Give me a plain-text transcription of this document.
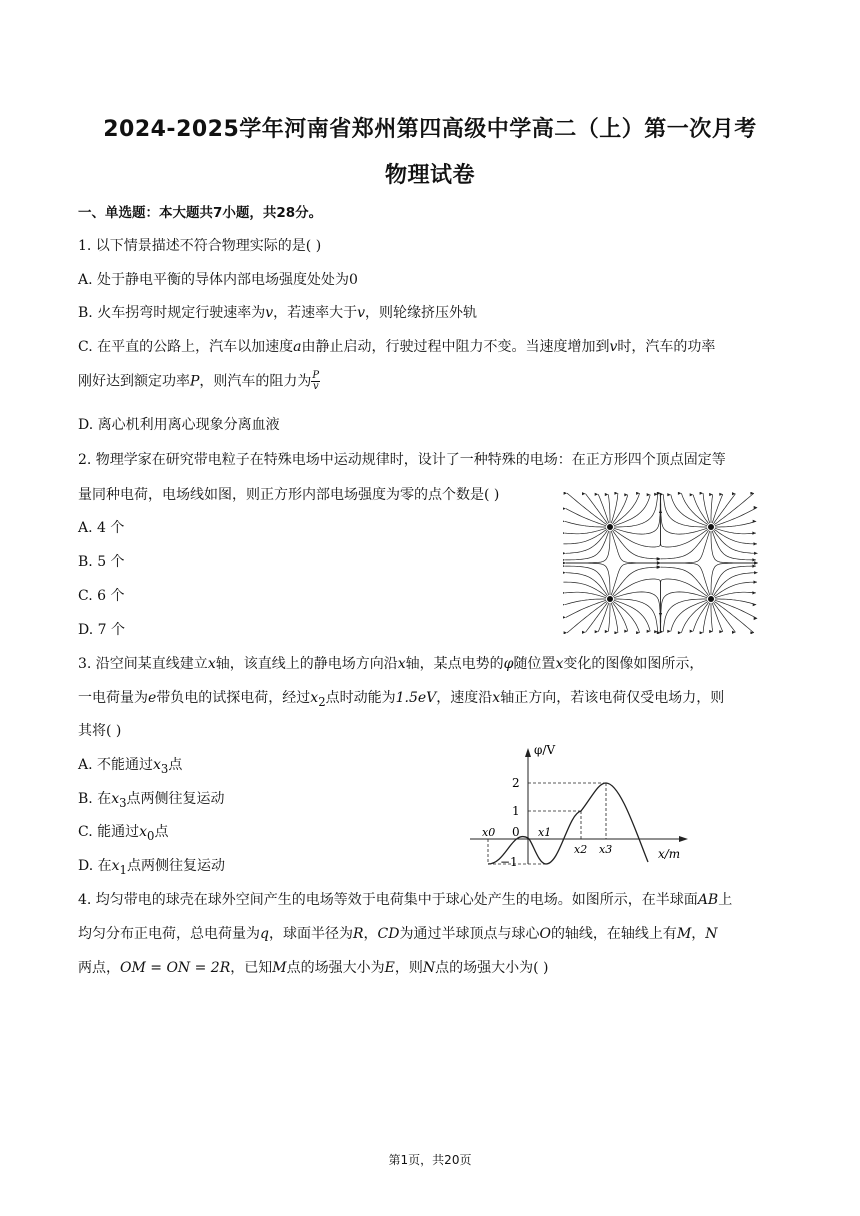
2024-2025学年河南省郑州第四高级中学高二（上）第一次月考
物理试卷
一、单选题：本大题共7小题，共28分。
1. 以下情景描述不符合物理实际的是( )
A. 处于静电平衡的导体内部电场强度处处为0
B. 火车拐弯时规定行驶速率为v，若速率大于v，则轮缘挤压外轨
C. 在平直的公路上，汽车以加速度a由静止启动，行驶过程中阻力不变。当速度增加到v时，汽车的功率
刚好达到额定功率P，则汽车的阻力为 $\frac{P}{v}$
D. 离心机利用离心现象分离血液
2. 物理学家在研究带电粒子在特殊电场中运动规律时，设计了一种特殊的电场：在正方形四个顶点固定等
量同种电荷，电场线如图，则正方形内部电场强度为零的点个数是( )
A. 4 个
B. 5 个
C. 6 个
D. 7 个
3. 沿空间某直线建立x轴，该直线上的静电场方向沿x轴，某点电势的φ随位置x变化的图像如图所示，
一电荷量为e带负电的试探电荷，经过$x_2$点时动能为1.5eV，速度沿x轴正方向，若该电荷仅受电场力，则
其将( )
A. 不能通过$x_3$点
B. 在$x_3$点两侧往复运动
C. 能通过$x_0$点
D. 在$x_1$点两侧往复运动
φ/V
x/m
2
1
0
−1
x0	x1
x2 x3
4. 均匀带电的球壳在球外空间产生的电场等效于电荷集中于球心处产生的电场。如图所示，在半球面AB上
均匀分布正电荷，总电荷量为q，球面半径为R，CD为通过半球顶点与球心O的轴线，在轴线上有M，N
两点，OM = ON = 2R，已知M点的场强大小为E，则N点的场强大小为( )
第1页，共20页
